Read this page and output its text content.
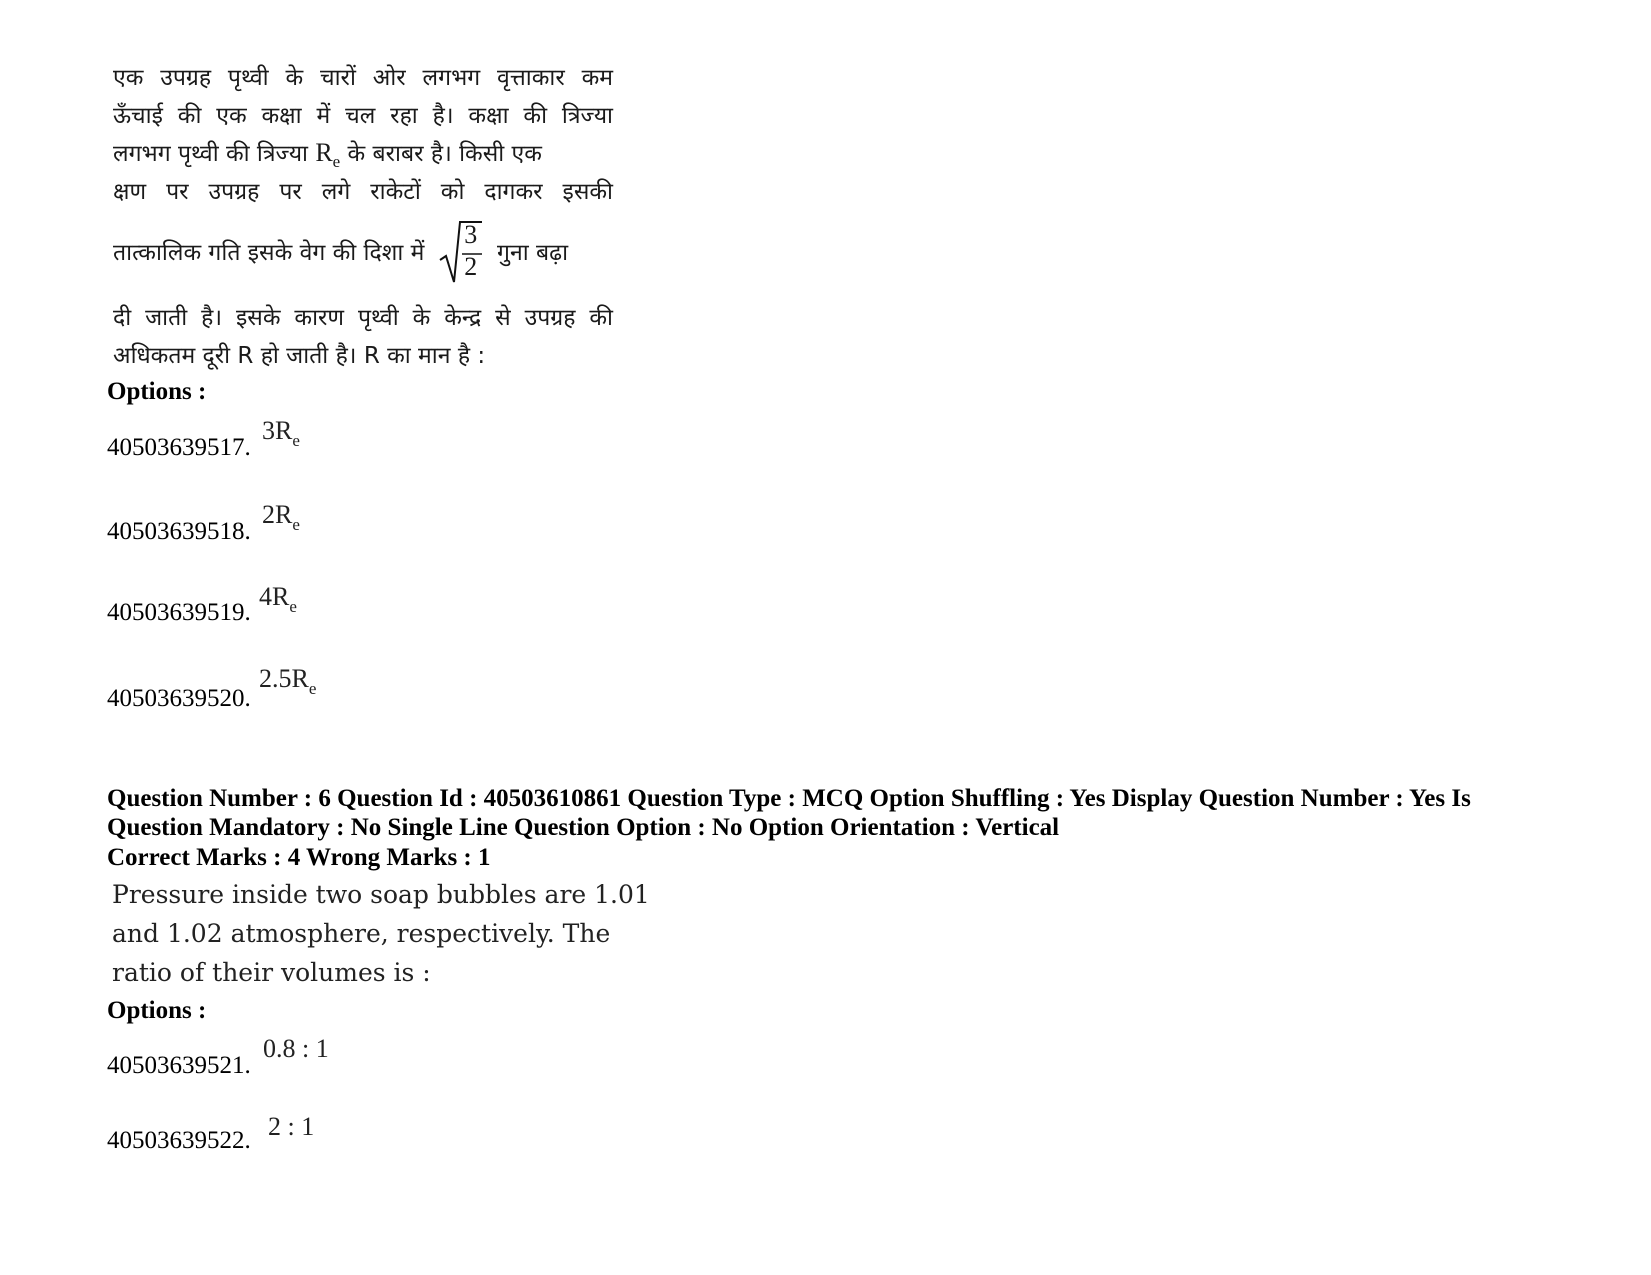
एक उपग्रह पृथ्वी के चारों ओर लगभग वृत्ताकार कम
ऊँचाई की एक कक्षा में चल रहा है। कक्षा की त्रिज्या
लगभग पृथ्वी की त्रिज्या $R_e$ के बराबर है। किसी एक
क्षण पर उपग्रह पर लगे राकेटों को दागकर इसकी
तात्कालिक गति इसके वेग की दिशा में
3
2 गुना बढ़ा
दी जाती है। इसके कारण पृथ्वी के केन्द्र से उपग्रह की
अधिकतम दूरी R हो जाती है। R का मान है :
Options :
40503639517.
$3R_e$
40503639518.
$2R_e$
40503639519.
$4R_e$
40503639520.
$2.5R_e$
Question Number : 6 Question Id : 40503610861 Question Type : MCQ Option Shuffling : Yes Display Question Number : Yes Is
Question Mandatory : No Single Line Question Option : No Option Orientation : Vertical
Correct Marks : 4 Wrong Marks : 1
Pressure inside two soap bubbles are 1.01
and 1.02 atmosphere, respectively. The
ratio of their volumes is :
Options :
40503639521.
0.8 : 1
40503639522. 2 : 1
